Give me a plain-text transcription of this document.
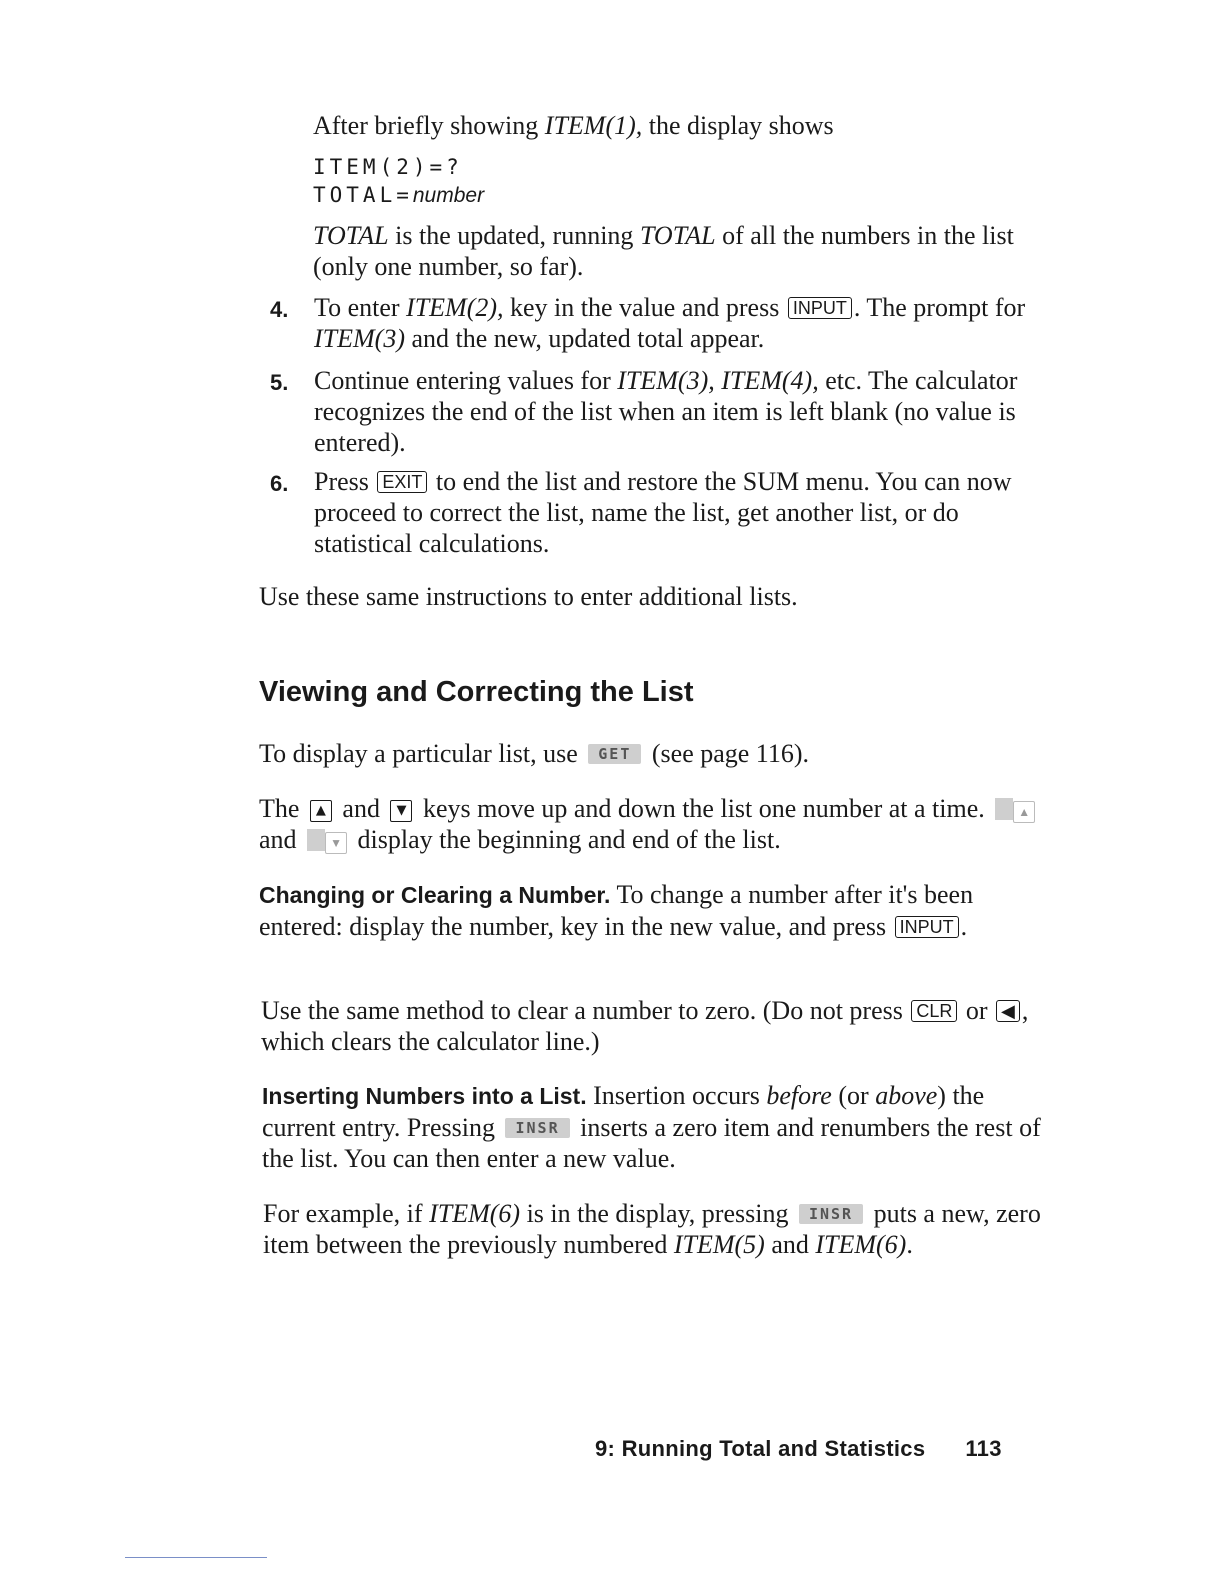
After briefly showing ITEM(1), the display shows
ITEM(2)=?
TOTAL=number
TOTAL is the updated, running TOTAL of all the numbers in the list (only one number, so far).
4. To enter ITEM(2), key in the value and press INPUT . The prompt for ITEM(3) and the new, updated total appear.
5. Continue entering values for ITEM(3), ITEM(4), etc. The calculator recognizes the end of the list when an item is left blank (no value is entered).
6. Press EXIT to end the list and restore the SUM menu. You can now proceed to correct the list, name the list, get another list, or do statistical calculations.
Use these same instructions to enter additional lists.
Viewing and Correcting the List
To display a particular list, use GET (see page 116).
The ▲ and ▼ keys move up and down the list one number at a time. ▲ and ▼ display the beginning and end of the list.
Changing or Clearing a Number. To change a number after it's been entered: display the number, key in the new value, and press INPUT .
Use the same method to clear a number to zero. (Do not press CLR or ◀ , which clears the calculator line.)
Inserting Numbers into a List. Insertion occurs before (or above) the current entry. Pressing INSR inserts a zero item and renumbers the rest of the list. You can then enter a new value.
For example, if ITEM(6) is in the display, pressing INSR puts a new, zero item between the previously numbered ITEM(5) and ITEM(6).
9: Running Total and Statistics 113
